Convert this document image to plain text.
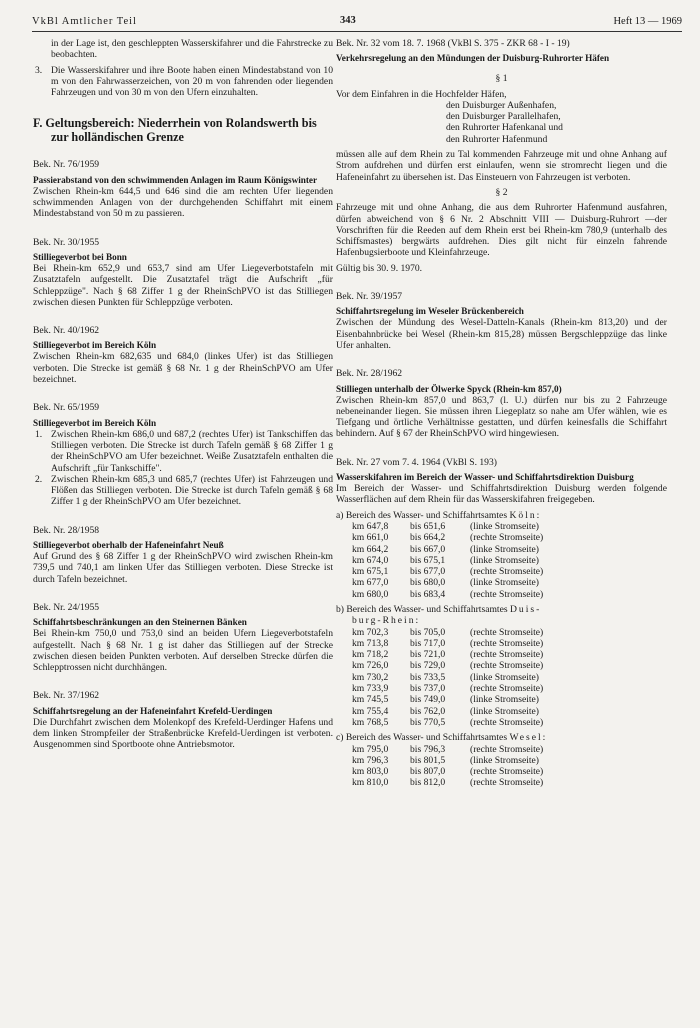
VkBl Amtlicher Teil	343	Heft 13 — 1969

in der Lage ist, den geschleppten Wasserskifahrer und die Fahrstrecke zu beobachten.

3. Die Wasserskifahrer und ihre Boote haben einen Mindestabstand von 10 m von den Fahrwasserzeichen, von 20 m von fahrenden oder liegenden Fahrzeugen und von 30 m von den Ufern einzuhalten.

F. Geltungsbereich: Niederrhein von Rolandswerth bis zur holländischen Grenze

Bek. Nr. 76/1959

Passierabstand von den schwimmenden Anlagen im Raum Königswinter

Zwischen Rhein-km 644,5 und 646 sind die am rechten Ufer liegenden schwimmenden Anlagen von der durchgehenden Schiffahrt mit einem Mindestabstand von 50 m zu passieren.

Bek. Nr. 30/1955

Stilliegeverbot bei Bonn

Bei Rhein-km 652,9 und 653,7 sind am Ufer Liegeverbotstafeln mit Zusatztafeln aufgestellt. Die Zusatztafel trägt die Aufschrift „für Schleppzüge". Nach § 68 Ziffer 1 g der RheinSchPVO ist das Stilliegen zwischen diesen Punkten für Schleppzüge verboten.

Bek. Nr. 40/1962

Stilliegeverbot im Bereich Köln

Zwischen Rhein-km 682,635 und 684,0 (linkes Ufer) ist das Stilliegen verboten. Die Strecke ist gemäß § 68 Nr. 1 g der RheinSchPVO am Ufer bezeichnet.

Bek. Nr. 65/1959

Stilliegeverbot im Bereich Köln

1. Zwischen Rhein-km 686,0 und 687,2 (rechtes Ufer) ist Tankschiffen das Stilliegen verboten. Die Strecke ist durch Tafeln gemäß § 68 Ziffer 1 g der RheinSchPVO am Ufer bezeichnet. Weiße Zusatztafeln enthalten die Aufschrift „für Tankschiffe".
2. Zwischen Rhein-km 685,3 und 685,7 (rechtes Ufer) ist Fahrzeugen und Flößen das Stilliegen verboten. Die Strecke ist durch Tafeln gemäß § 68 Ziffer 1 g der RheinSchPVO am Ufer bezeichnet.

Bek. Nr. 28/1958

Stilliegeverbot oberhalb der Hafeneinfahrt Neuß

Auf Grund des § 68 Ziffer 1 g der RheinSchPVO wird zwischen Rhein-km 739,5 und 740,1 am linken Ufer das Stilliegen verboten. Diese Strecke ist durch Tafeln bezeichnet.

Bek. Nr. 24/1955

Schiffahrtsbeschränkungen an den Steinernen Bänken

Bei Rhein-km 750,0 und 753,0 sind an beiden Ufern Liegeverbotstafeln aufgestellt. Nach § 68 Nr. 1 g ist daher das Stilliegen auf der Strecke zwischen diesen beiden Punkten verboten. Auf derselben Strecke dürfen die Schlepptrossen nicht durchhängen.

Bek. Nr. 37/1962

Schiffahrtsregelung an der Hafeneinfahrt Krefeld-Uerdingen

Die Durchfahrt zwischen dem Molenkopf des Krefeld-Uerdinger Hafens und dem linken Strompfeiler der Straßenbrücke Krefeld-Uerdingen ist verboten. Ausgenommen sind Sportboote ohne Antriebsmotor.

Bek. Nr. 32 vom 18. 7. 1968 (VkBl S. 375 - ZKR 68 - I - 19)

Verkehrsregelung an den Mündungen der Duisburg-Ruhrorter Häfen

§ 1

Vor dem Einfahren in die Hochfelder Häfen,

den Duisburger Außenhafen,

den Duisburger Parallelhafen,

den Ruhrorter Hafenkanal und

den Ruhrorter Hafenmund

müssen alle auf dem Rhein zu Tal kommenden Fahrzeuge mit und ohne Anhang auf Strom aufdrehen und dürfen erst einlaufen, wenn sie stromrecht liegen und die Hafeneinfahrt zu übersehen ist. Das Einsteuern von Fahrzeugen ist verboten.

§ 2

Fahrzeuge mit und ohne Anhang, die aus dem Ruhrorter Hafenmund ausfahren, dürfen abweichend von § 6 Nr. 2 Abschnitt VIII — Duisburg-Ruhrort —der Vorschriften für die Reeden auf dem Rhein erst bei Rhein-km 780,9 (unterhalb des Schiffsmastes) bergwärts aufdrehen. Dies gilt nicht für einzeln fahrende Hafenbugsierboote und Kleinfahrzeuge.

Gültig bis 30. 9. 1970.

Bek. Nr. 39/1957

Schiffahrtsregelung im Weseler Brückenbereich

Zwischen der Mündung des Wesel-Datteln-Kanals (Rhein-km 813,20) und der Eisenbahnbrücke bei Wesel (Rhein-km 815,28) müssen Bergschleppzüge das linke Ufer anhalten.

Bek. Nr. 28/1962

Stilliegen unterhalb der Ölwerke Spyck (Rhein-km 857,0)

Zwischen Rhein-km 857,0 und 863,7 (l. U.) dürfen nur bis zu 2 Fahrzeuge nebeneinander liegen. Sie müssen ihren Liegeplatz so nahe am Ufer wählen, wie es Tiefgang und örtliche Verhältnisse gestatten, und dürfen keinesfalls die Schiffahrt behindern. Auf § 67 der RheinSchPVO wird hingewiesen.

Bek. Nr. 27 vom 7. 4. 1964 (VkBl S. 193)

Wasserskifahren im Bereich der Wasser- und Schiffahrtsdirektion Duisburg

Im Bereich der Wasser- und Schiffahrtsdirektion Duisburg werden folgende Wasserflächen auf dem Rhein für das Wasserskifahren freigegeben.

a) Bereich des Wasser- und Schiffahrtsamtes Köln:

km 647,8 bis 651,6	(linke Stromseite)
km 661,0 bis 664,2	(rechte Stromseite)
km 664,2 bis 667,0	(linke Stromseite)
km 674,0 bis 675,1	(linke Stromseite)
km 675,1 bis 677,0	(rechte Stromseite)
km 677,0 bis 680,0	(linke Stromseite)
km 680,0 bis 683,4	(rechte Stromseite)

b) Bereich des Wasser- und Schiffahrtsamtes Duis-

burg-Rhein:

km 702,3 bis 705,0	(rechte Stromseite)
km 713,8 bis 717,0	(rechte Stromseite)
km 718,2 bis 721,0	(rechte Stromseite)
km 726,0 bis 729,0	(rechte Stromseite)
km 730,2 bis 733,5	(linke Stromseite)
km 733,9 bis 737,0	(rechte Stromseite)
km 745,5 bis 749,0	(linke Stromseite)
km 755,4 bis 762,0	(linke Stromseite)
km 768,5 bis 770,5	(rechte Stromseite)

c) Bereich des Wasser- und Schiffahrtsamtes Wesel:

km 795,0 bis 796,3	(rechte Stromseite)
km 796,3 bis 801,5	(linke Stromseite)
km 803,0 bis 807,0	(rechte Stromseite)
km 810,0 bis 812,0	(rechte Stromseite)
